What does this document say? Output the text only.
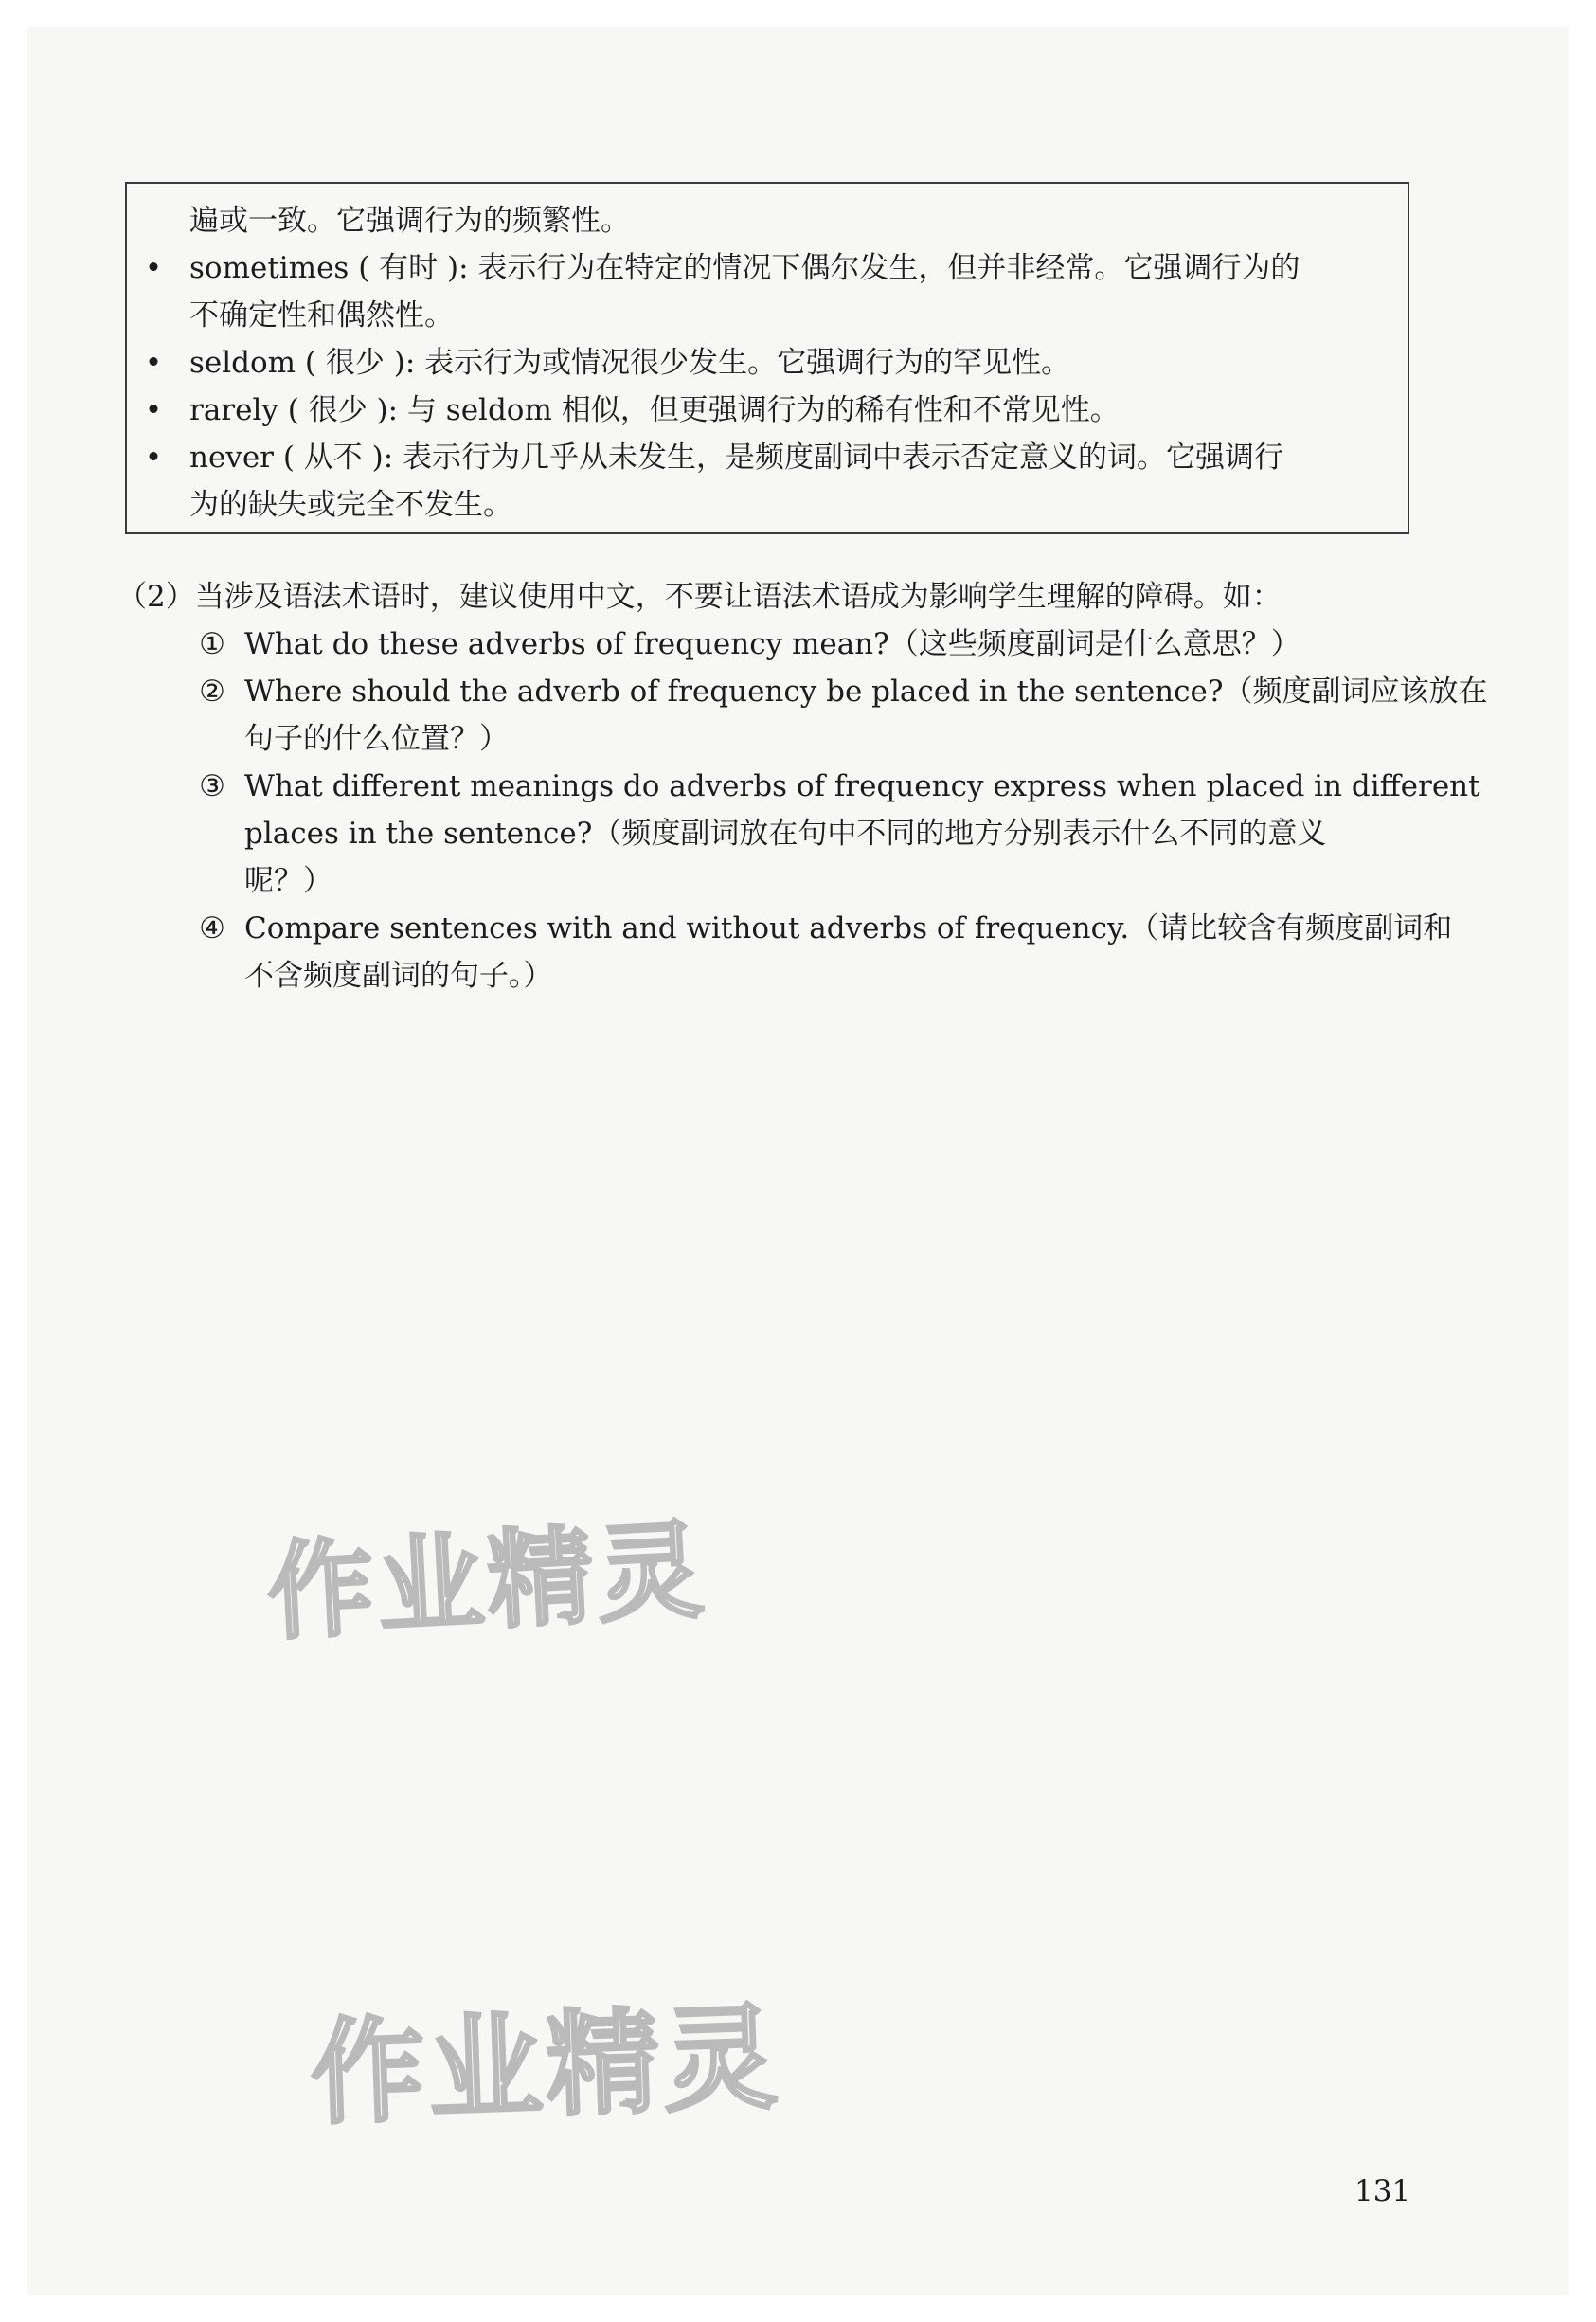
遍或一致。它强调行为的频繁性。
• sometimes ( 有时 ): 表示行为在特定的情况下偶尔发生，但并非经常。它强调行为的
不确定性和偶然性。
• seldom ( 很少 ): 表示行为或情况很少发生。它强调行为的罕见性。
• rarely ( 很少 ): 与 seldom 相似，但更强调行为的稀有性和不常见性。
• never ( 从不 ): 表示行为几乎从未发生，是频度副词中表示否定意义的词。它强调行
为的缺失或完全不发生。
（2）当涉及语法术语时，建议使用中文，不要让语法术语成为影响学生理解的障碍。如：
① What do these adverbs of frequency mean?（这些频度副词是什么意思？）
② Where should the adverb of frequency be placed in the sentence?（频度副词应该放在
句子的什么位置？）
③ What different meanings do adverbs of frequency express when placed in different
places in the sentence?（频度副词放在句中不同的地方分别表示什么不同的意义
呢？）
④ Compare sentences with and without adverbs of frequency.（请比较含有频度副词和
不含频度副词的句子。）
作业精灵
作业精灵
131
